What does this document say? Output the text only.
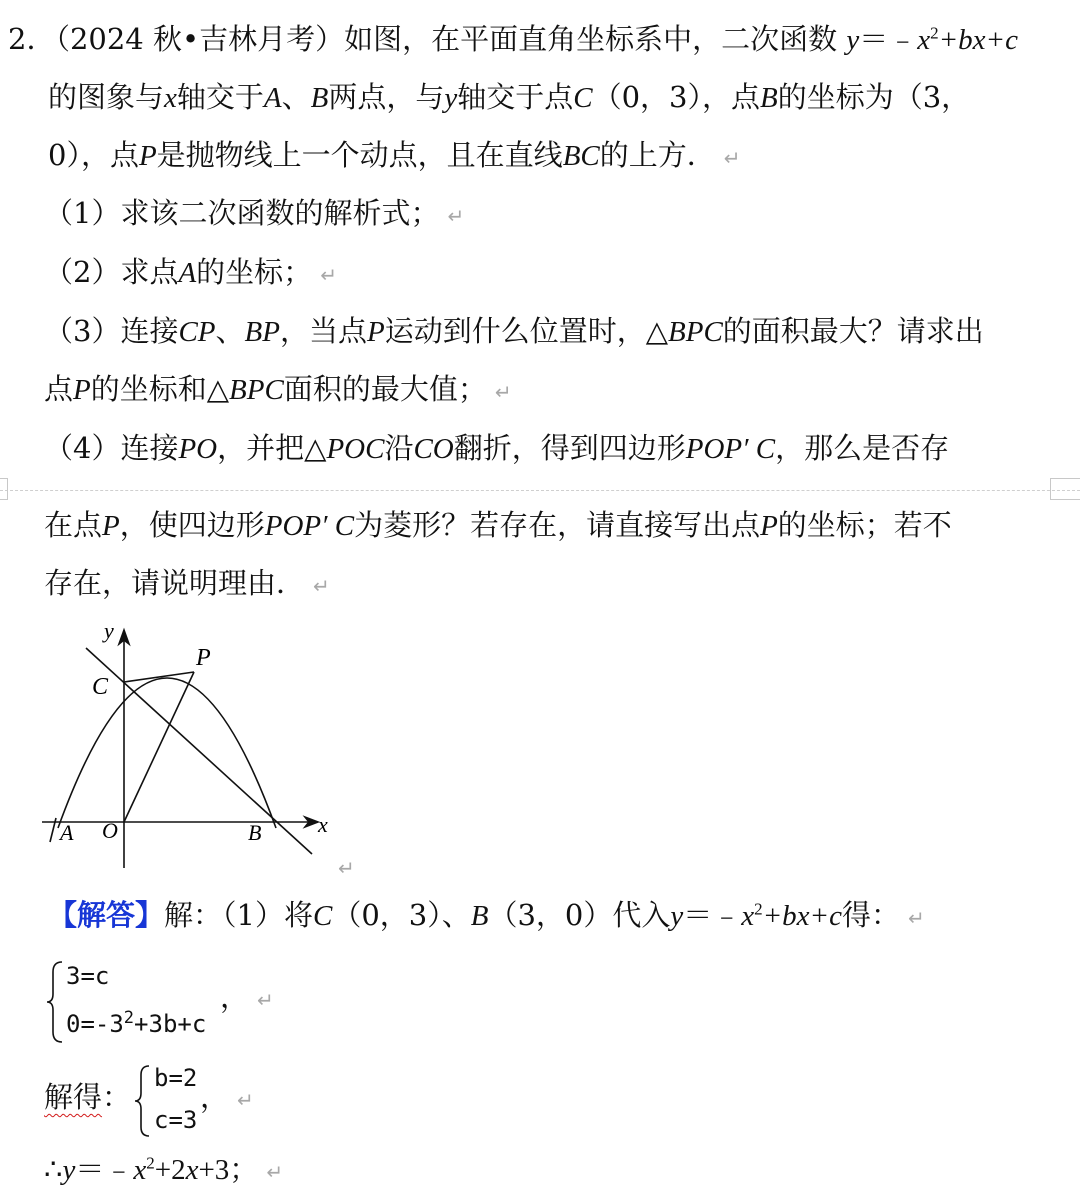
2．（2024 秋•吉林月考）如图，在平面直角坐标系中，二次函数 $y=﹣x^2+bx+c$
的图象与x轴交于A、B两点，与y轴交于点C（0，3），点B的坐标为（3，
0），点P是抛物线上一个动点，且在直线BC的上方． ↵
（1）求该二次函数的解析式； ↵
（2）求点A的坐标； ↵
（3）连接CP、BP，当点P运动到什么位置时，△BPC的面积最大？请求出
点P的坐标和△BPC面积的最大值； ↵
（4）连接PO，并把△POC沿CO翻折，得到四边形POP′ C，那么是否存
在点P，使四边形POP′ C为菱形？若存在，请直接写出点P的坐标；若不
存在，请说明理由． ↵
y
P
C
A O	B	x
↵
【解答】解：（1）将C（0，3）、B（3，0）代入$y=﹣x^2+bx+c$得： ↵
3=c
$0=-3^2+3b+c$
， ↵
解得：
b=2
c=3
， ↵
$\therefore y=﹣x^2+2x+3$； ↵
